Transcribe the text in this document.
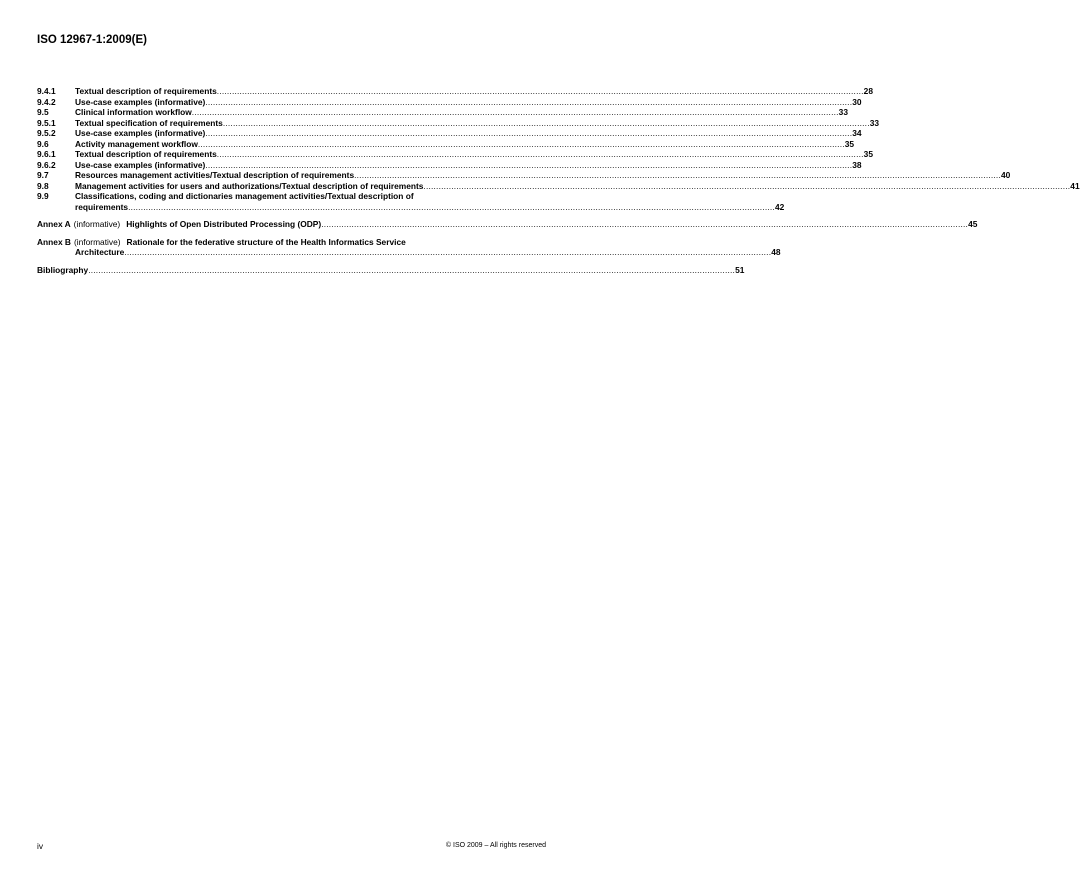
ISO 12967-1:2009(E)
9.4.1	Textual description of requirements .....	28
9.4.2	Use-case examples (informative) .....	30
9.5	Clinical information workflow .....	33
9.5.1	Textual specification of requirements .....	33
9.5.2	Use-case examples (informative) .....	34
9.6	Activity management workflow .....	35
9.6.1	Textual description of requirements .....	35
9.6.2	Use-case examples (informative) .....	38
9.7	Resources management activities/Textual description of requirements .....	40
9.8	Management activities for users and authorizations/Textual description of requirements .....	41
9.9	Classifications, coding and dictionaries management activities/Textual description of
requirements .....	42
Annex A (informative) Highlights of Open Distributed Processing (ODP) .....	45
Annex B (informative) Rationale for the federative structure of the Health Informatics Service
Architecture .....	48
Bibliography .....	51
iv	© ISO 2009 – All rights reserved
